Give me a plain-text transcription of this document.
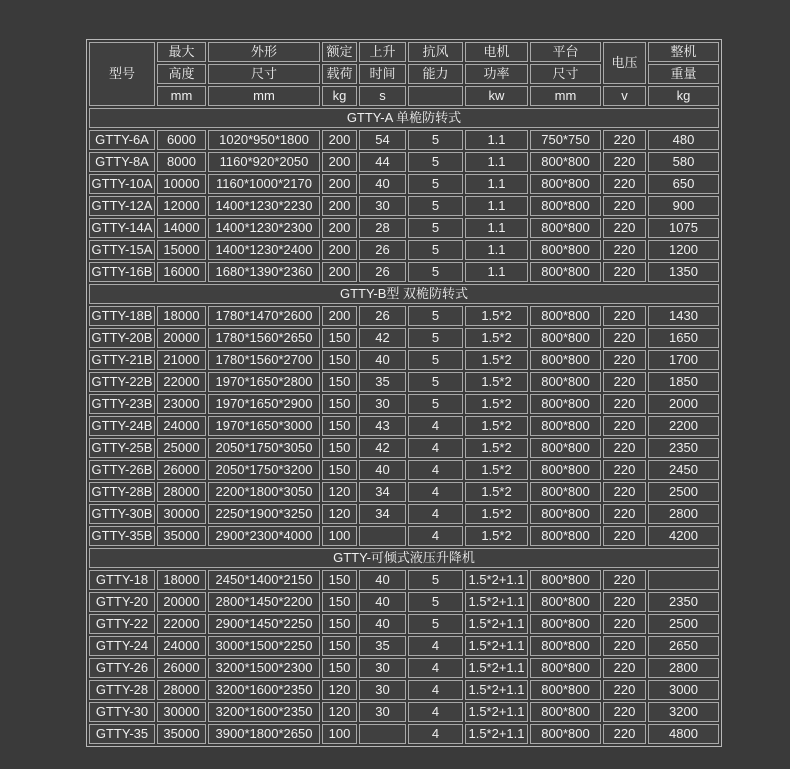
型号	最大	外形	额定	上升	抗风	电机	平台	电压	整机
	高度	尺寸	载荷	时间	能力	功率	尺寸		重量
	mm	mm	kg	s		kw	mm	v	kg
GTTY-A 单桅防转式									
GTTY-6A	6000	1020*950*1800	200	54	5	1.1	750*750	220	480
GTTY-8A	8000	1160*920*2050	200	44	5	1.1	800*800	220	580
GTTY-10A	10000	1160*1000*2170	200	40	5	1.1	800*800	220	650
GTTY-12A	12000	1400*1230*2230	200	30	5	1.1	800*800	220	900
GTTY-14A	14000	1400*1230*2300	200	28	5	1.1	800*800	220	1075
GTTY-15A	15000	1400*1230*2400	200	26	5	1.1	800*800	220	1200
GTTY-16B	16000	1680*1390*2360	200	26	5	1.1	800*800	220	1350
GTTY-B型 双桅防转式									
GTTY-18B	18000	1780*1470*2600	200	26	5	1.5*2	800*800	220	1430
GTTY-20B	20000	1780*1560*2650	150	42	5	1.5*2	800*800	220	1650
GTTY-21B	21000	1780*1560*2700	150	40	5	1.5*2	800*800	220	1700
GTTY-22B	22000	1970*1650*2800	150	35	5	1.5*2	800*800	220	1850
GTTY-23B	23000	1970*1650*2900	150	30	5	1.5*2	800*800	220	2000
GTTY-24B	24000	1970*1650*3000	150	43	4	1.5*2	800*800	220	2200
GTTY-25B	25000	2050*1750*3050	150	42	4	1.5*2	800*800	220	2350
GTTY-26B	26000	2050*1750*3200	150	40	4	1.5*2	800*800	220	2450
GTTY-28B	28000	2200*1800*3050	120	34	4	1.5*2	800*800	220	2500
GTTY-30B	30000	2250*1900*3250	120	34	4	1.5*2	800*800	220	2800
GTTY-35B	35000	2900*2300*4000	100		4	1.5*2	800*800	220	4200
GTTY-可倾式液压升降机									
GTTY-18	18000	2450*1400*2150	150	40	5	1.5*2+1.1	800*800	220	
GTTY-20	20000	2800*1450*2200	150	40	5	1.5*2+1.1	800*800	220	2350
GTTY-22	22000	2900*1450*2250	150	40	5	1.5*2+1.1	800*800	220	2500
GTTY-24	24000	3000*1500*2250	150	35	4	1.5*2+1.1	800*800	220	2650
GTTY-26	26000	3200*1500*2300	150	30	4	1.5*2+1.1	800*800	220	2800
GTTY-28	28000	3200*1600*2350	120	30	4	1.5*2+1.1	800*800	220	3000
GTTY-30	30000	3200*1600*2350	120	30	4	1.5*2+1.1	800*800	220	3200
GTTY-35	35000	3900*1800*2650	100		4	1.5*2+1.1	800*800	220	4800
